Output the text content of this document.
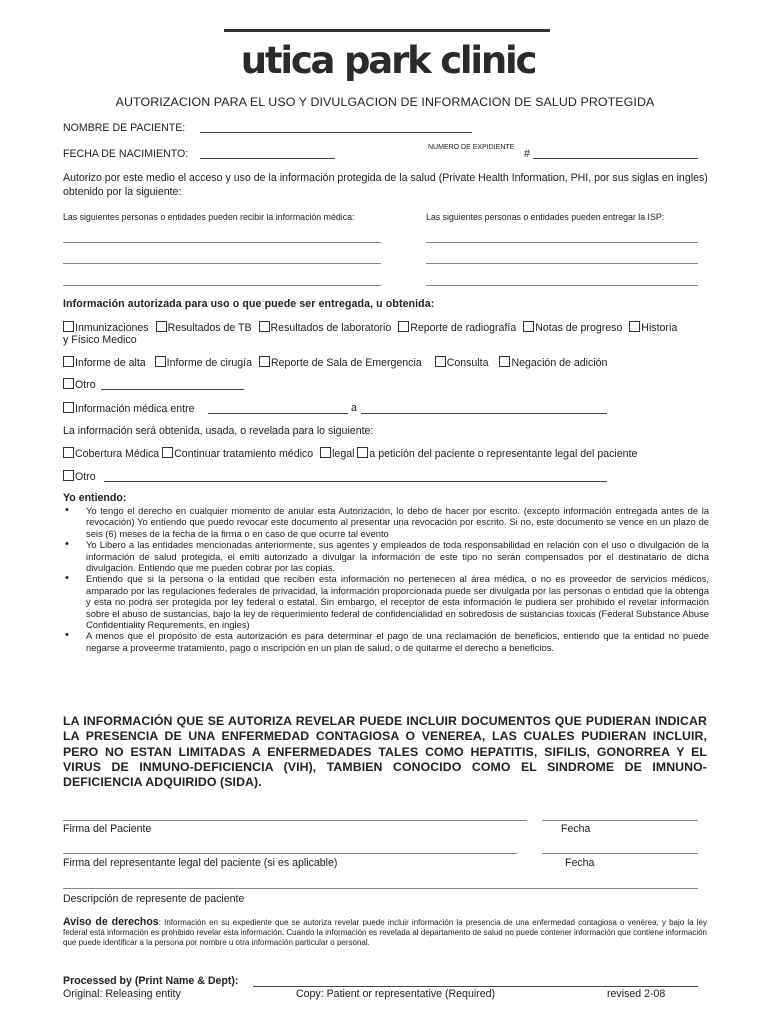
utica park clinic
AUTORIZACION PARA EL USO Y DIVULGACION DE INFORMACION DE SALUD PROTEGIDA
NOMBRE DE PACIENTE:
FECHA DE NACIMIENTO:
NUMERO DE EXPIDIENTE
#
Autorizo por este medio el acceso y uso de la información protegida de la salud (Private Health Information, PHI, por sus siglas en ingles) obtenido por la siguiente:
Las siguientes personas o entidades pueden recibir la información médica:	Las siguientes personas o entidades pueden entregar la ISP:
Información autorizada para uso o que puede ser entregada, u obtenida:
Inmunizaciones Resultados de TB Resultados de laboratorio Reporte de radiografía Notas de progreso Historia
y Físico Medico
Informe de alta Informe de cirugía Reporte de Sala de Emergencia Consulta Negación de adición
Otro
Información médica entre	a
La información será obtenida, usada, o revelada para lo siguiente:
Cobertura Médica Continuar tratamiento médico legal a petición del paciente o representante legal del paciente
Otro
Yo entiendo:
• Yo tengo el derecho en cualquier momento de anular esta Autorización, lo debo de hacer por escrito. (excepto información entregada antes de la revocación) Yo entiendo que puedo revocar este documento al presentar una revocación por escrito. Si no, este documento se vence en un plazo de seis (6) meses de la fecha de la firma o en caso de que ocurre tal evento
• Yo Libero a las entidades mencionadas anteriormente, sus agentes y empleados de toda responsabilidad en relación con el uso o divulgación de la información de salud protegida, el emiti autorizado a divulgar la información de este tipo no serán compensados por el destinatario de dicha divulgación. Entiendo que me pueden cobrar por las copias.
• Entiendo que si la persona o la entidad que reciben esta información no pertenecen al área médica, o no es proveedor de servicios médicos, amparado por las regulaciones federales de privacidad, la información proporcionada puede ser divulgada por las personas o entidad que la obtenga y esta no podrá ser protegida por ley federal o estatal. Sin embargo, el receptor de esta información le pudiera ser prohibido el revelar información sobre el abuso de sustancias, bajo la ley de requerimiento federal de confidencialidad en sobredosis de sustancias toxicas (Federal Substance Abuse Confidentiality Requrements, en ingles)
• A menos que el propósito de esta autorización es para determinar el pago de una reclamación de beneficios, entiendo que la entidad no puede negarse a proveerme tratamiento, pago o inscripción en un plan de salud, o de quitarme el derecho a beneficios.
LA INFORMACIÓN QUE SE AUTORIZA REVELAR PUEDE INCLUIR DOCUMENTOS QUE PUDIERAN INDICAR LA PRESENCIA DE UNA ENFERMEDAD CONTAGIOSA O VENEREA, LAS CUALES PUDIERAN INCLUIR, PERO NO ESTAN LIMITADAS A ENFERMEDADES TALES COMO HEPATITIS, SIFILIS, GONORREA Y EL VIRUS DE INMUNO-DEFICIENCIA (VIH), TAMBIEN CONOCIDO COMO EL SINDROME DE IMNUNO-DEFICIENCIA ADQUIRIDO (SIDA).
Firma del Paciente	Fecha
Firma del representante legal del paciente (si es aplicable)	Fecha
Descripción de represente de paciente
Aviso de derechos: Información en su expediente que se autoriza revelar puede incluir información la presencia de una enfermedad contagiosa o venérea, y bajo la ley federal está información es prohibido revelar esta información. Cuando la información es revelada al departamento de salud no puede contener información que contiene información que puede identificar a la persona por nombre u otra información particular o personal.
Processed by (Print Name & Dept):
Original: Releasing entity	Copy: Patient or representative (Required)	revised 2-08
